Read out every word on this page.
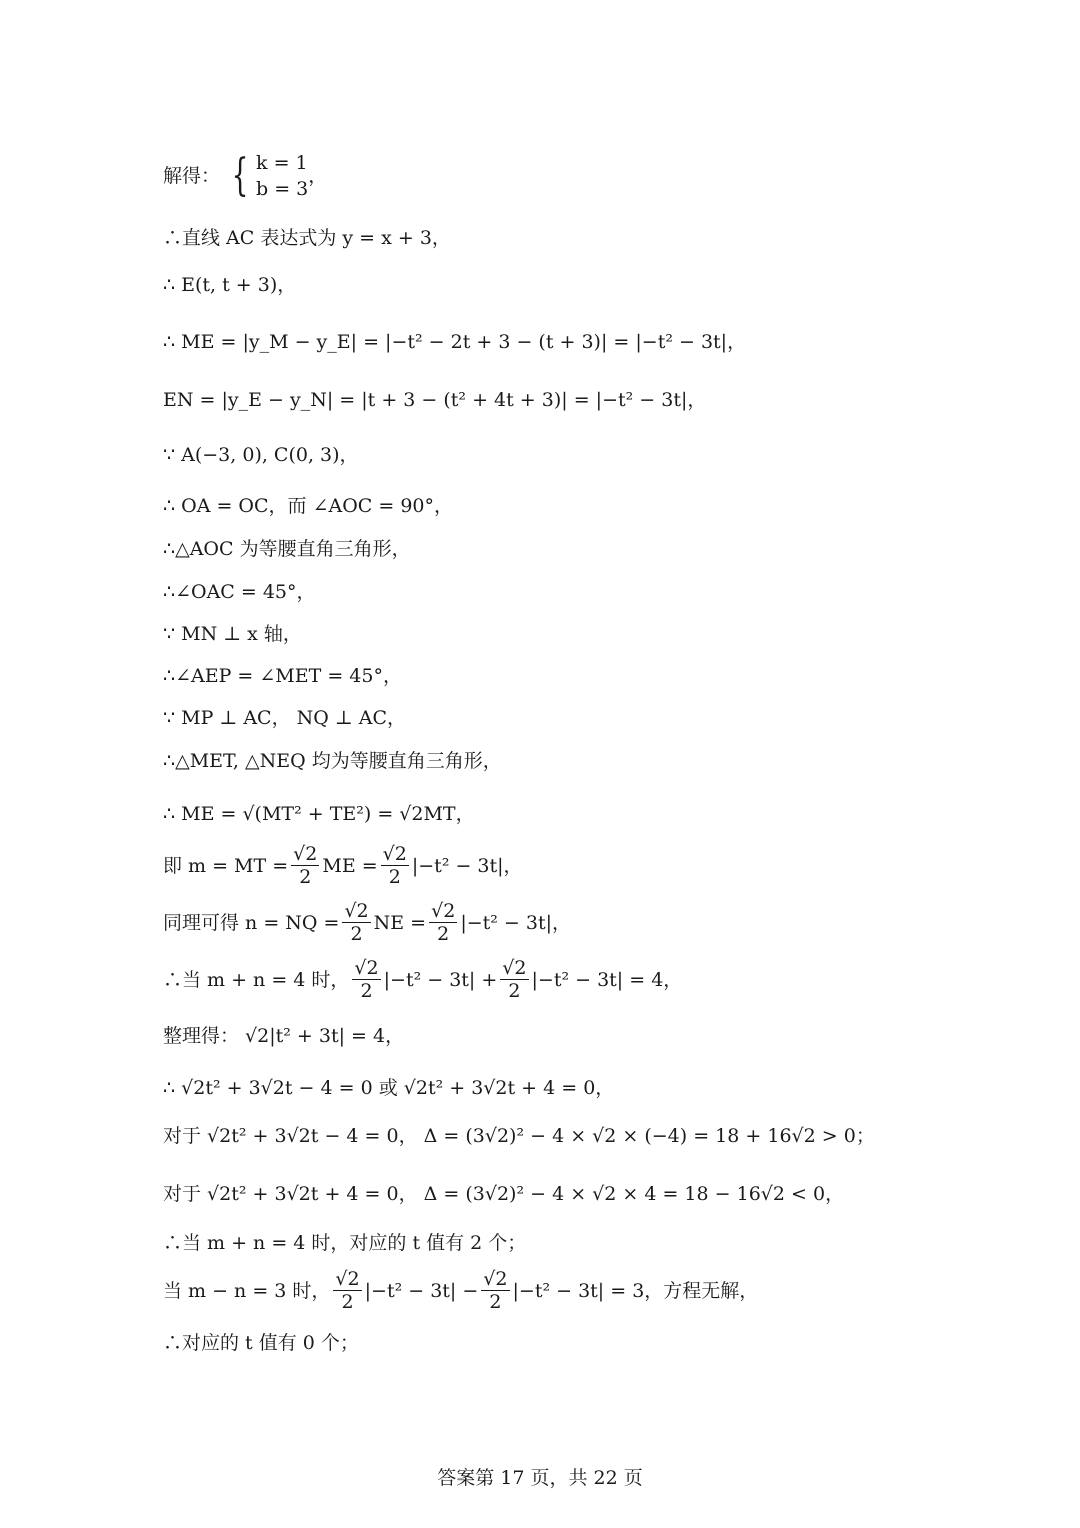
解得： { k = 1
b = 3
，
∴直线 AC 表达式为 y = x + 3，
∴ E(t, t + 3)，
∴ ME = |y_M − y_E| = |−t² − 2t + 3 − (t + 3)| = |−t² − 3t|，
EN = |y_E − y_N| = |t + 3 − (t² + 4t + 3)| = |−t² − 3t|，
∵ A(−3, 0), C(0, 3)，
∴ OA = OC，而 ∠AOC = 90°，
∴△AOC 为等腰直角三角形，
∴∠OAC = 45°，
∵ MN ⊥ x 轴，
∴∠AEP = ∠MET = 45°，
∵ MP ⊥ AC， NQ ⊥ AC，
∴△MET, △NEQ 均为等腰直角三角形，
∴ ME = √(MT² + TE²) = √2MT，
即 m = MT = $\frac{√2}{2}$ ME = $\frac{√2}{2} |-t^2 - 3t|$，
同理可得 n = NQ = $\frac{√2}{2}$ NE = $\frac{√2}{2} |-t^2 - 3t|$，
∴当 m + n = 4 时， $\frac{√2}{2} |-t^2 - 3t| + \frac{√2}{2} |-t^2 - 3t| = 4$，
整理得： √2|t² + 3t| = 4，
∴ √2t² + 3√2t − 4 = 0 或 √2t² + 3√2t + 4 = 0，
对于 √2t² + 3√2t − 4 = 0， Δ = (3√2)² − 4 × √2 × (−4) = 18 + 16√2 > 0；
对于 √2t² + 3√2t + 4 = 0， Δ = (3√2)² − 4 × √2 × 4 = 18 − 16√2 < 0，
∴当 m + n = 4 时，对应的 t 值有 2 个；
当 m − n = 3 时， $\frac{√2}{2} |-t^2 - 3t| - \frac{√2}{2} |-t^2 - 3t| = 3$，方程无解，
∴对应的 t 值有 0 个；
答案第 17 页，共 22 页
